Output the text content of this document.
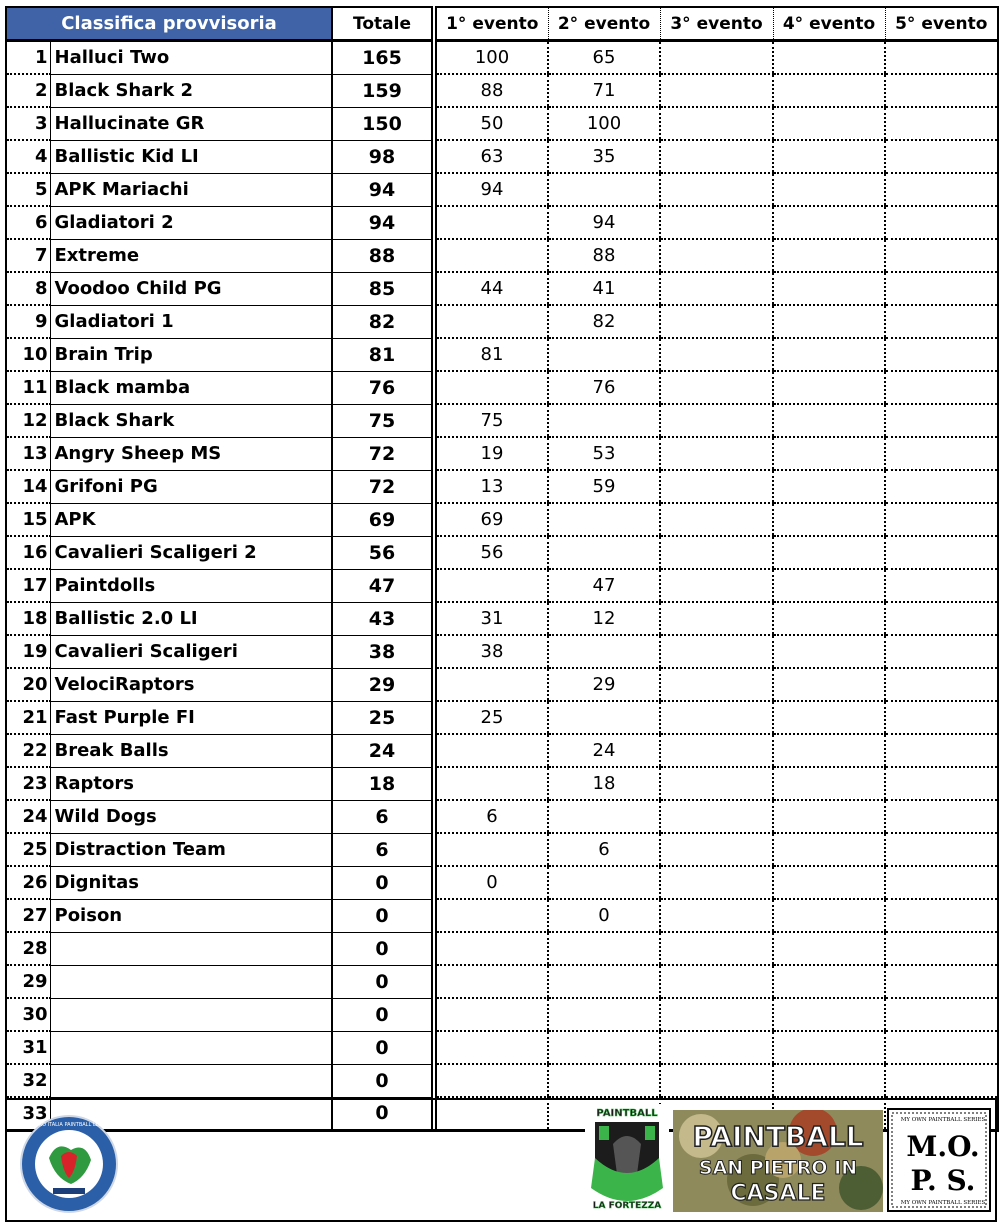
Classifica provvisoria		Totale		1° evento	2° evento	3° evento	4° evento	5° evento
1	Halluci Two	165		100	65			
2	Black Shark 2	159		88	71			
3	Hallucinate GR	150		50	100			
4	Ballistic Kid LI	98		63	35			
5	APK Mariachi	94		94				
6	Gladiatori 2	94			94			
7	Extreme	88			88			
8	Voodoo Child PG	85		44	41			
9	Gladiatori 1	82			82			
10	Brain Trip	81		81				
11	Black mamba	76			76			
12	Black Shark	75		75				
13	Angry Sheep MS	72		19	53			
14	Grifoni PG	72		13	59			
15	APK	69		69				
16	Cavalieri Scaligeri 2	56		56				
17	Paintdolls	47			47			
18	Ballistic 2.0 LI	43		31	12			
19	Cavalieri Scaligeri	38		38				
20	VelociRaptors	29			29			
21	Fast Purple FI	25		25				
22	Break Balls	24			24			
23	Raptors	18			18			
24	Wild Dogs	6		6				
25	Distraction Team	6			6			
26	Dignitas	0		0				
27	Poison	0			0			
28		0						
29		0						
30		0						
31		0						
32		0						
33		0						
CENTRO ITALIA PAINTBALL LEAGUE
PAINTBALL
LA FORTEZZA
PAINTBALL
SAN PIETRO IN
CASALE
MY OWN PAINTBALL SERIES
M.O.
P. S.
MY OWN PAINTBALL SERIES
